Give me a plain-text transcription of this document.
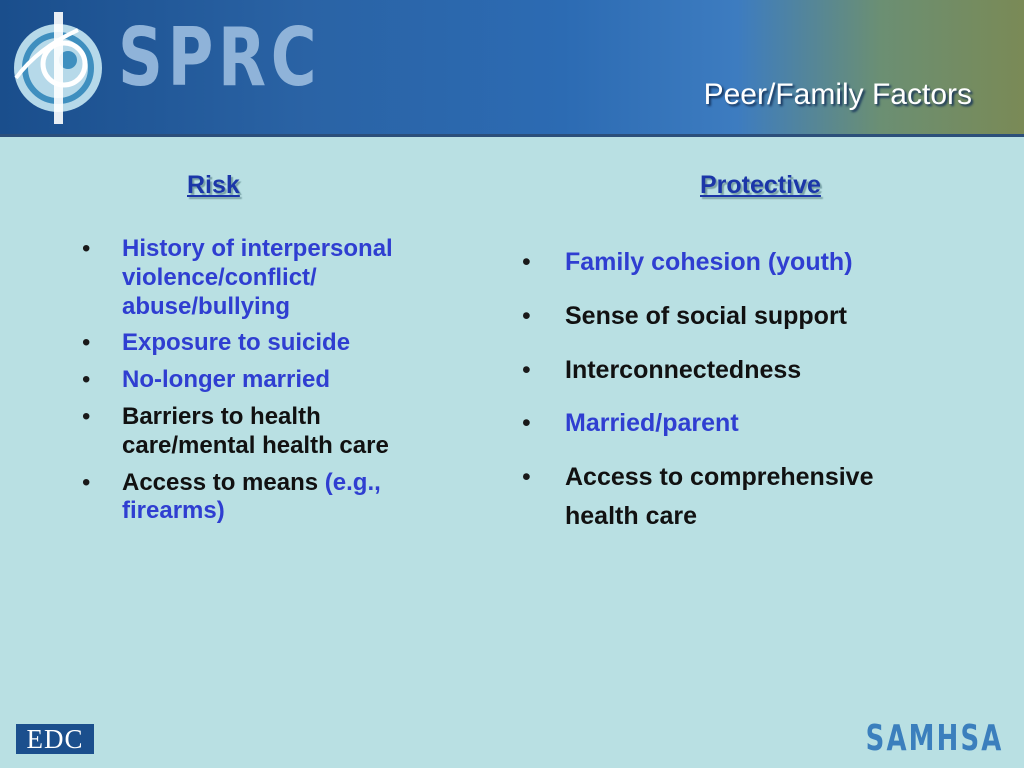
SPRC	Peer/Family Factors
Risk	Protective
• History of interpersonal violence/conflict/ abuse/bullying
• Exposure to suicide
• No-longer married
• Barriers to health care/mental health care
• Access to means (e.g., firearms)
• Family cohesion (youth)
• Sense of social support
• Interconnectedness
• Married/parent
• Access to comprehensive health care
EDC	SAMHSA
